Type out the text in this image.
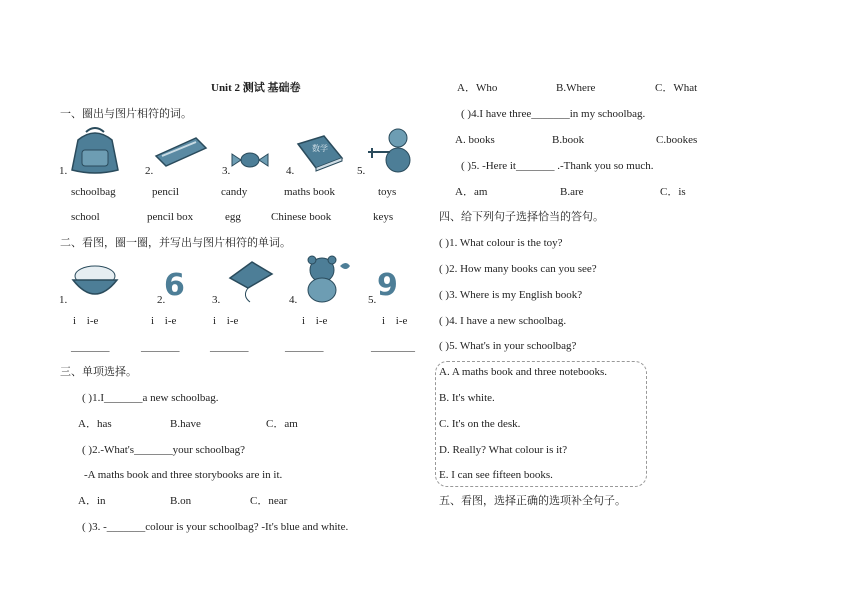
Unit 2 测试 基础卷
一、圈出与图片相符的词。
1.	2.	3.	4.
数学
5.
schoolbag	pencil	candy	maths book	toys
school	pencil box	egg	Chinese book	keys
二、看图，圈一圈，并写出与图片相符的单词。
1.	2.
6 3.	4.	5. 9
i i-e	i i-e	i i-e	i i-e	i i-e
_______	_______	_______	_______	________
三、单项选择。
( )1.I_______a new schoolbag.
A．has	B.have	C．am
( )2.-What's_______your schoolbag?
-A maths book and three storybooks are in it.
A．in	B.on	C．near
( )3. -_______colour is your schoolbag? -It's blue and white.
A．Who	B.Where	C．What
( )4.I have three_______in my schoolbag.
A. books	B.book	C.bookes
( )5. -Here it_______ .-Thank you so much.
A．am	B.are	C．is
四、给下列句子选择恰当的答句。
( )1. What colour is the toy?
( )2. How many books can you see?
( )3. Where is my English book?
( )4. I have a new schoolbag.
( )5. What's in your schoolbag?
A. A maths book and three notebooks.
B. It's white.
C. It's on the desk.
D. Really? What colour is it?
E. I can see fifteen books.
五、看图，选择正确的选项补全句子。
